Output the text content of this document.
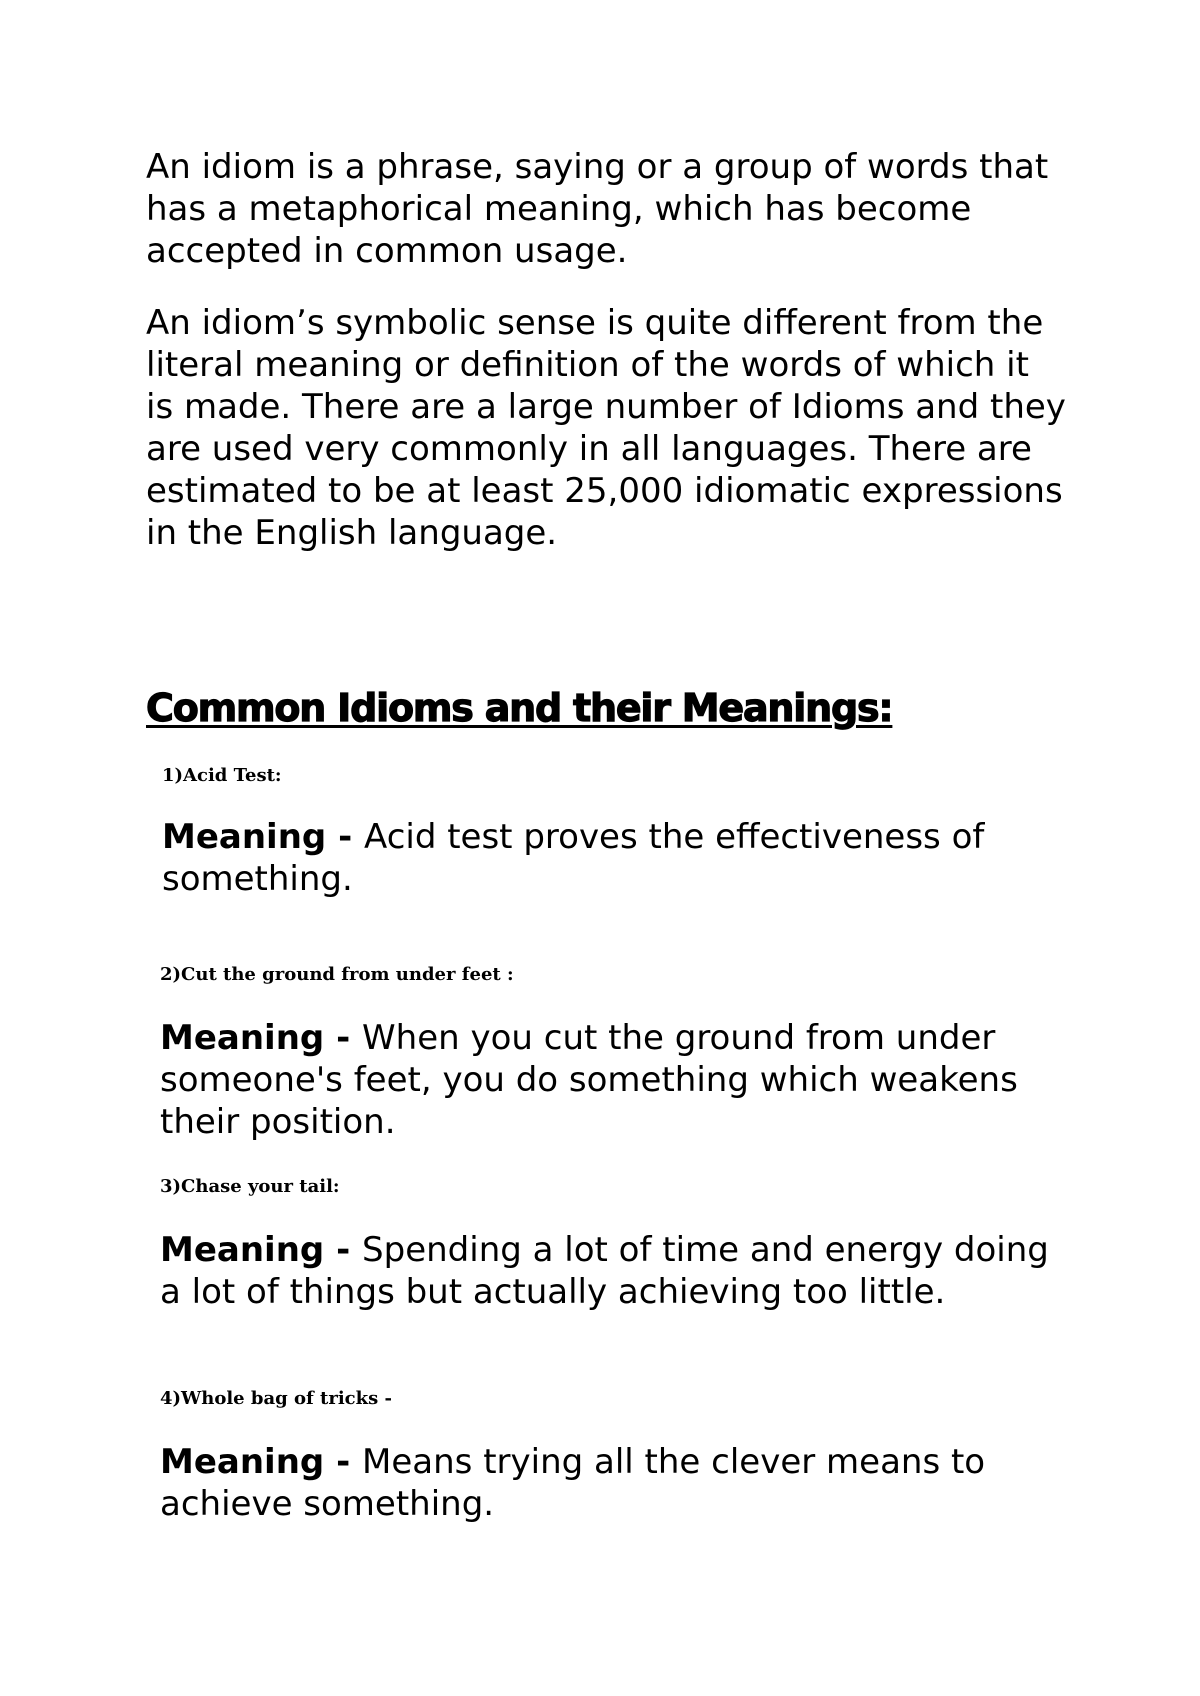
An idiom is a phrase, saying or a group of words that has a metaphorical meaning, which has become accepted in common usage.

An idiom’s symbolic sense is quite different from the literal meaning or definition of the words of which it is made. There are a large number of Idioms and they are used very commonly in all languages. There are estimated to be at least 25,000 idiomatic expressions in the English language.

Common Idioms and their Meanings:

1)Acid Test:

Meaning - Acid test proves the effectiveness of something.

2)Cut the ground from under feet :

Meaning - When you cut the ground from under someone's feet, you do something which weakens their position.

3)Chase your tail:

Meaning - Spending a lot of time and energy doing a lot of things but actually achieving too little.

4)Whole bag of tricks -

Meaning - Means trying all the clever means to achieve something.
